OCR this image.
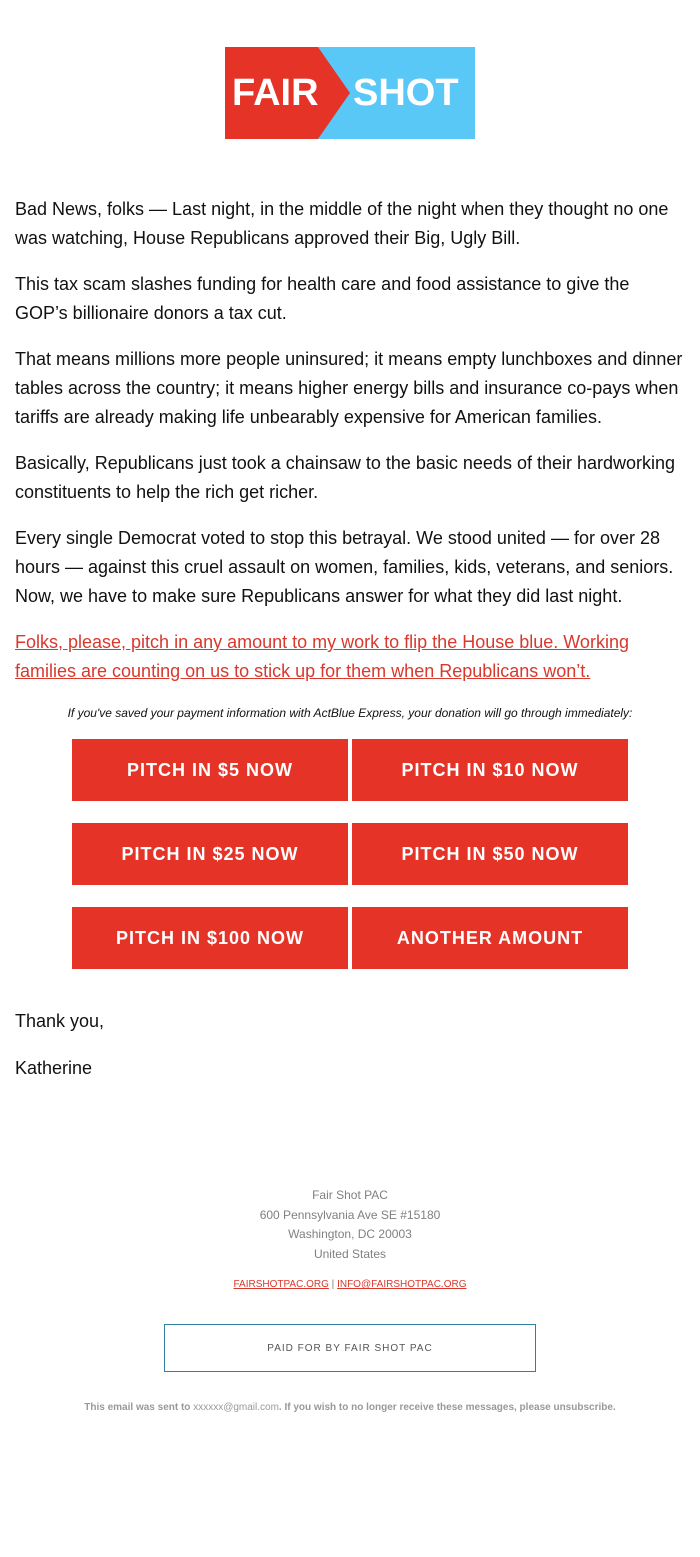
FAIR SHOT

Bad News, folks — Last night, in the middle of the night when they thought no one was watching, House Republicans approved their Big, Ugly Bill.

This tax scam slashes funding for health care and food assistance to give the GOP’s billionaire donors a tax cut.

That means millions more people uninsured; it means empty lunchboxes and dinner tables across the country; it means higher energy bills and insurance co-pays when tariffs are already making life unbearably expensive for American families.

Basically, Republicans just took a chainsaw to the basic needs of their hardworking constituents to help the rich get richer.

Every single Democrat voted to stop this betrayal. We stood united — for over 28 hours — against this cruel assault on women, families, kids, veterans, and seniors. Now, we have to make sure Republicans answer for what they did last night.

Folks, please, pitch in any amount to my work to flip the House blue. Working families are counting on us to stick up for them when Republicans won’t.

If you've saved your payment information with ActBlue Express, your donation will go through immediately:
PITCH IN $5 NOW	PITCH IN $10 NOW
PITCH IN $25 NOW	PITCH IN $50 NOW
PITCH IN $100 NOW	ANOTHER AMOUNT
Thank you,
Katherine
Fair Shot PAC
600 Pennsylvania Ave SE #15180
Washington, DC 20003
United States
FAIRSHOTPAC.ORG | INFO@FAIRSHOTPAC.ORG
PAID FOR BY FAIR SHOT PAC
This email was sent to xxxxxx@gmail.com. If you wish to no longer receive these messages, please unsubscribe.
